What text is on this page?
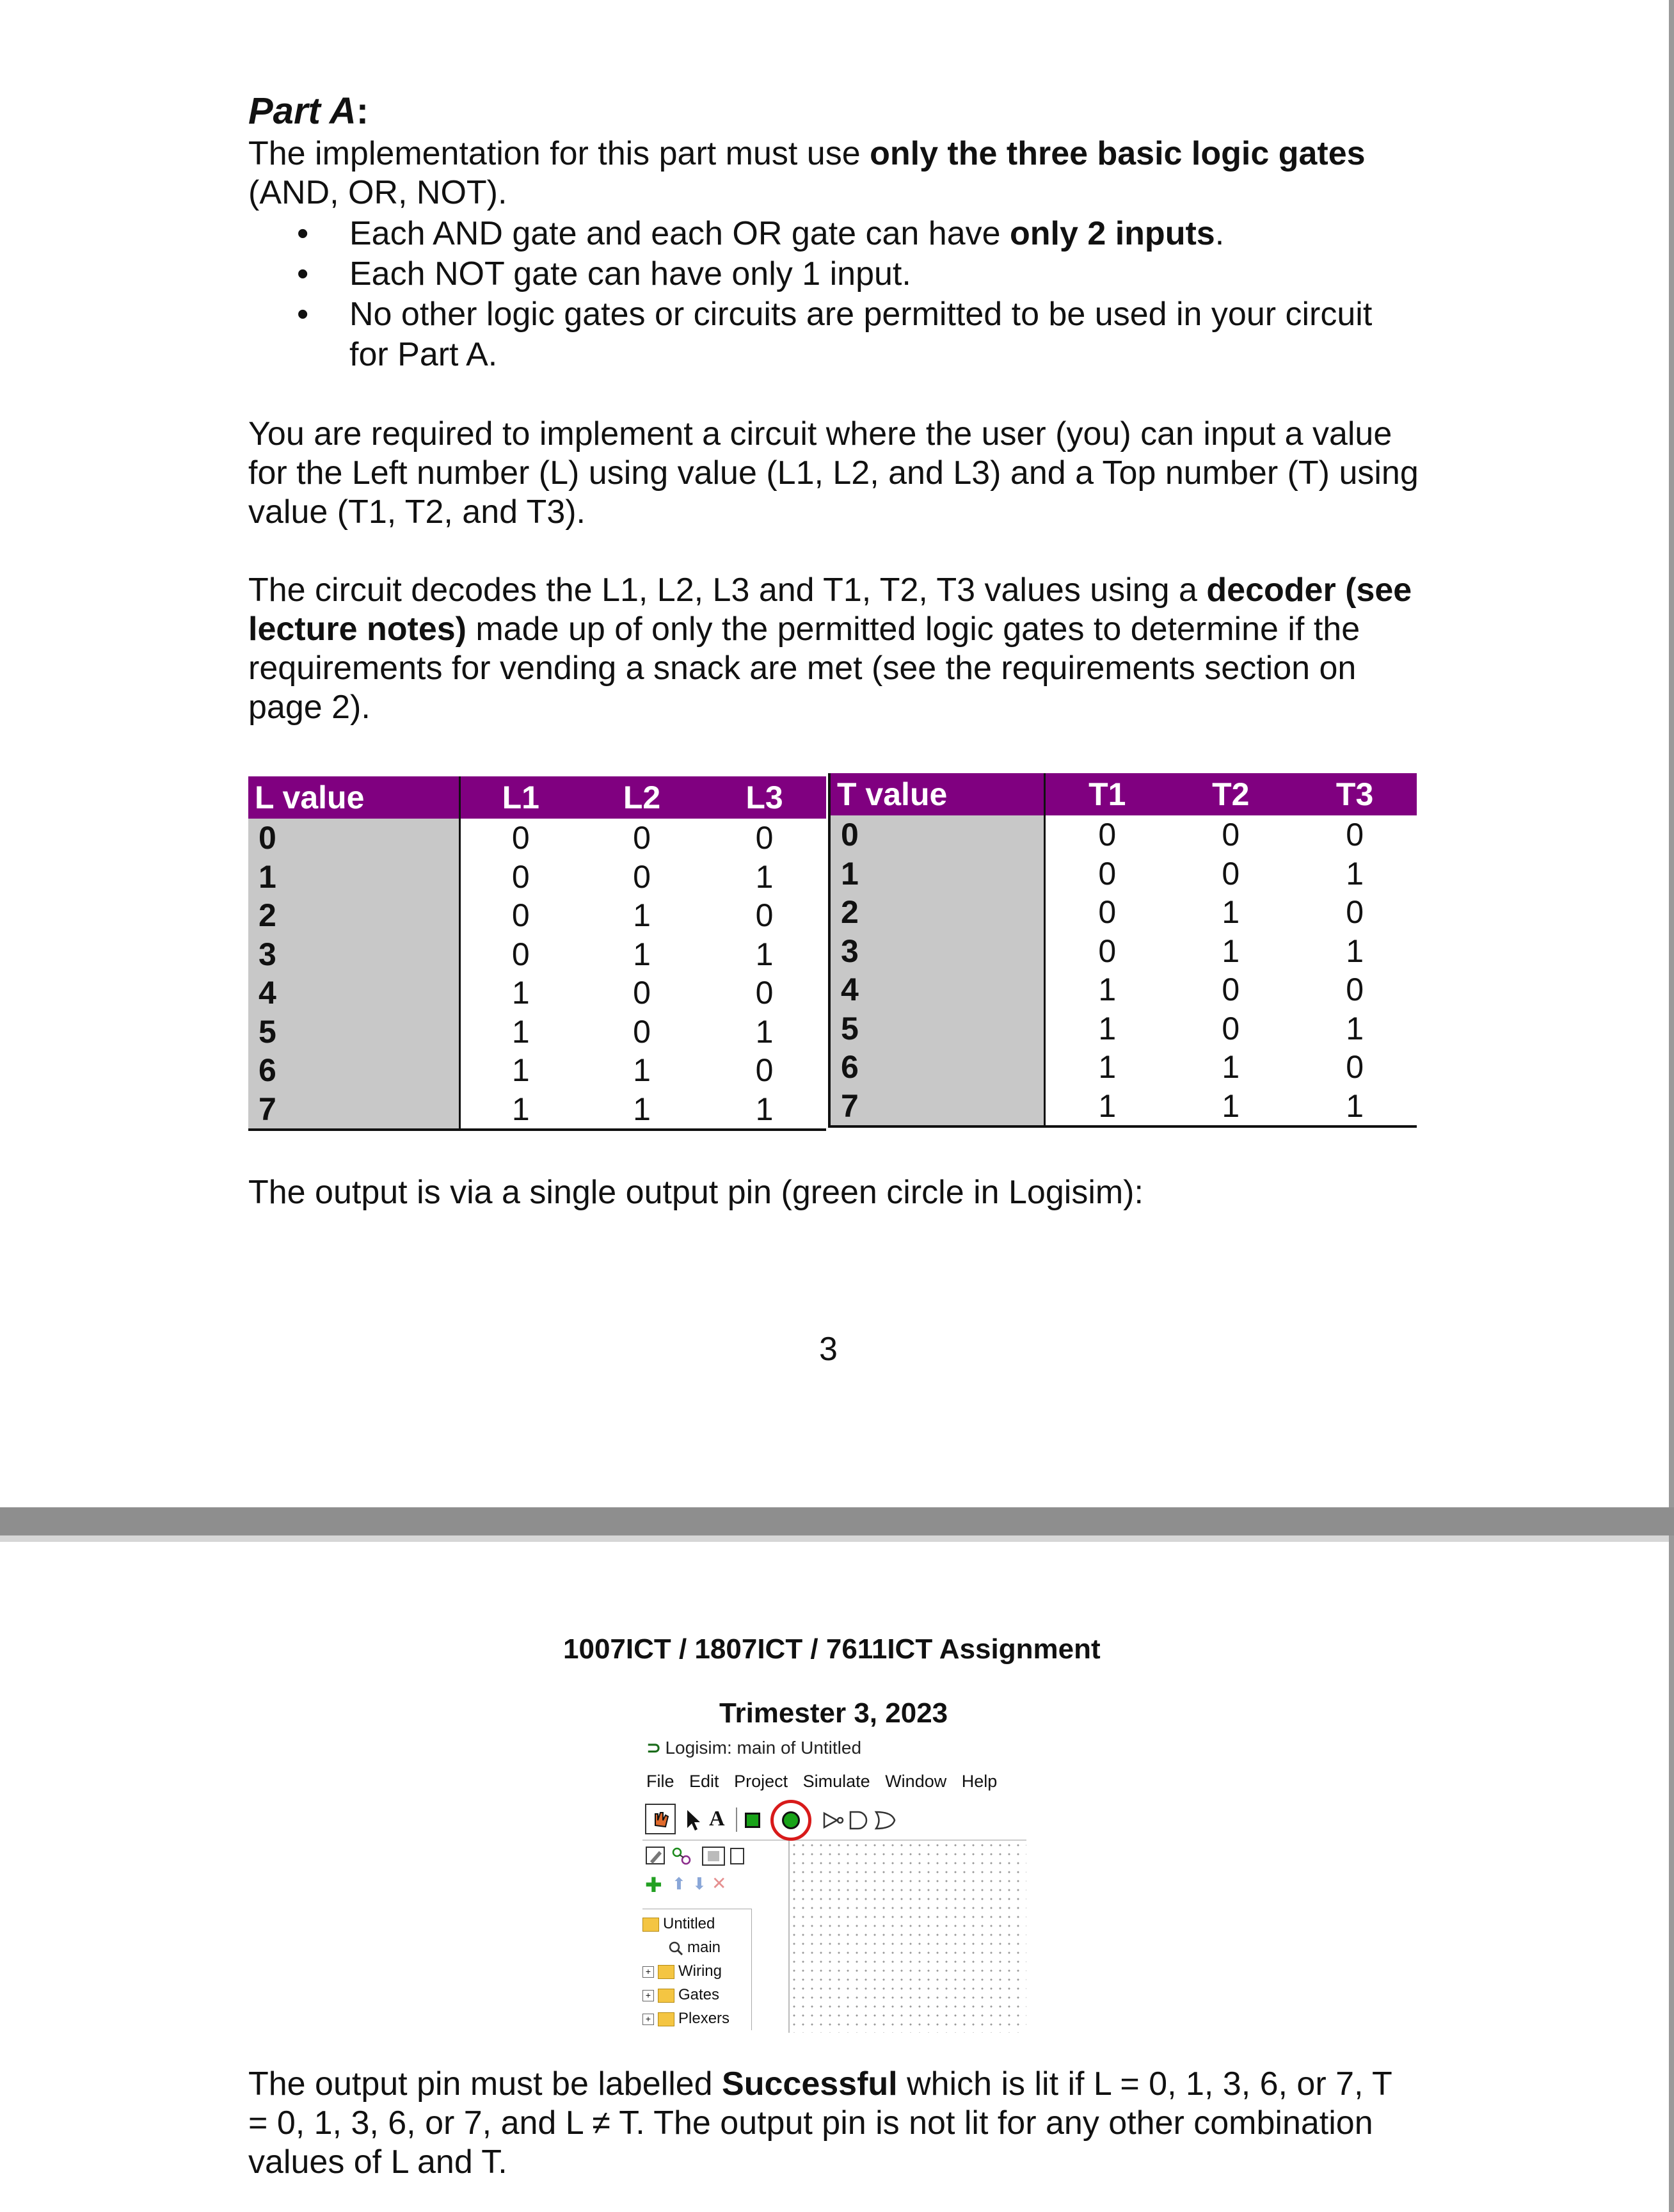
Part A:
The implementation for this part must use only the three basic logic gates
(AND, OR, NOT).
• Each AND gate and each OR gate can have only 2 inputs.
• Each NOT gate can have only 1 input.
• No other logic gates or circuits are permitted to be used in your circuit
for Part A.
You are required to implement a circuit where the user (you) can input a value
for the Left number (L) using value (L1, L2, and L3) and a Top number (T) using
value (T1, T2, and T3).
The circuit decodes the L1, L2, L3 and T1, T2, T3 values using a decoder (see
lecture notes) made up of only the permitted logic gates to determine if the
requirements for vending a snack are met (see the requirements section on
page 2).
L value	L1	L2	L3
0	0	0	0
1	0	0	1
2	0	1	0
3	0	1	1
4	1	0	0
5	1	0	1
6	1	1	0
7	1	1	1
T value	T1	T2	T3
0	0	0	0
1	0	0	1
2	0	1	0
3	0	1	1
4	1	0	0
5	1	0	1
6	1	1	0
7	1	1	1
The output is via a single output pin (green circle in Logisim):
3
1007ICT / 1807ICT / 7611ICT Assignment
Trimester 3, 2023
⊃ Logisim: main of Untitled
File Edit Project Simulate Window Help
A
✚ ⬆ ⬇ ✕
Untitled
main
+ Wiring
+ Gates
+ Plexers
The output pin must be labelled Successful which is lit if L = 0, 1, 3, 6, or 7, T
= 0, 1, 3, 6, or 7, and L ≠ T. The output pin is not lit for any other combination
values of L and T.
